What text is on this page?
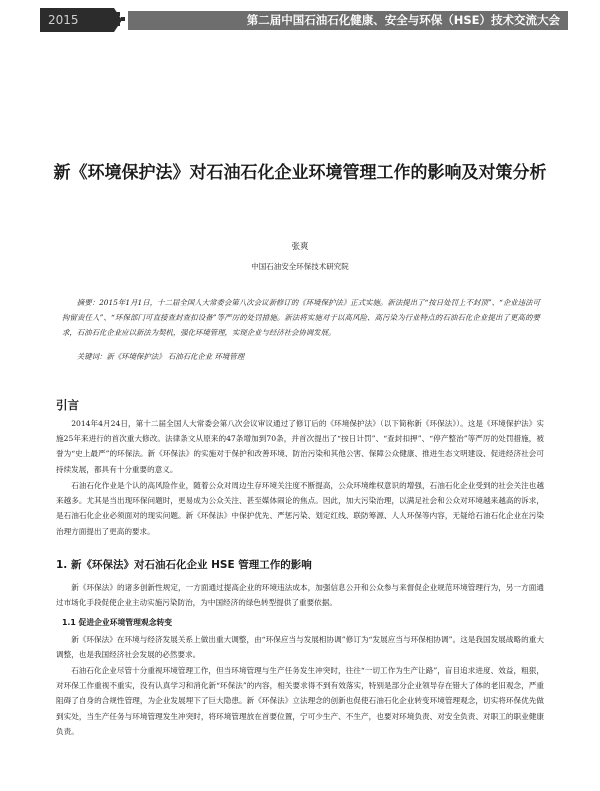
2015	第二届中国石油石化健康、安全与环保（HSE）技术交流大会
新《环境保护法》对石油石化企业环境管理工作的影响及对策分析
张爽
中国石油安全环保技术研究院
摘要：2015年1月1日，十二届全国人大常委会第八次会议新修订的《环境保护法》正式实施。新法提出了“按日处罚上不封顶”、“企业违法可拘留责任人”、“环保部门可直接查封查扣设备”等严厉的处罚措施。新法将实施对于以高风险、高污染为行业特点的石油石化企业提出了更高的要求，石油石化企业应以新法为契机，强化环境管理，实现企业与经济社会协调发展。
关键词：新《环境保护法》 石油石化企业 环境管理
引言
2014年4月24日，第十二届全国人大常委会第八次会议审议通过了修订后的《环境保护法》（以下简称新《环保法》）。这是《环境保护法》实施25年来进行的首次重大修改。法律条文从原来的47条增加到70条，并首次提出了“按日计罚”、“查封扣押”、“停产整治”等严厉的处罚措施，被誉为“史上最严”的环保法。新《环保法》的实施对于保护和改善环境、防治污染和其他公害、保障公众健康、推进生态文明建设、促进经济社会可持续发展，都具有十分重要的意义。
石油石化作业是个认的高风险作业，随着公众对周边生存环境关注度不断提高，公众环境维权意识的增强，石油石化企业受到的社会关注也越来越多。尤其是当出现环保问题时，更易成为公众关注、甚至媒体闹论的焦点。因此，加大污染治理，以满足社会和公众对环境越来越高的诉求，是石油石化企业必须面对的现实问题。新《环保法》中保护优先、严惩污染、划定红线、联防筹源、人人环保等内容，无疑给石油石化企业在污染治理方面提出了更高的要求。
1. 新《环保法》对石油石化企业 HSE 管理工作的影响
新《环保法》的诸多创新性规定，一方面通过提高企业的环境违法成本，加强信息公开和公众参与来督促企业规范环境管理行为，另一方面通过市场化手段促使企业主动实施污染防治，为中国经济的绿色转型提供了重要依据。
1.1 促进企业环境管理观念转变
新《环保法》在环境与经济发展关系上做出重大调整，由“环保应当与发展相协调”修订为“发展应当与环保相协调”。这是我国发展战略的重大调整，也是我国经济社会发展的必然要求。
石油石化企业尽管十分重视环境管理工作，但当环境管理与生产任务发生冲突时，往往“一切工作为生产让路”，盲目追求进度、效益，粗狠，对环保工作重视不重实，没有认真学习和消化新“环保法”的内容，相关要求得不到有效落实，特别是部分企业领导存在错大了体的老旧观念，严重阻碍了自身的合规性管理，为企业发展埋下了巨大隐患。新《环保法》立法理念的创新也促使石油石化企业转变环境管理观念，切实将环保优先做到实处，当生产任务与环境管理发生冲突时，将环境管理放在首要位置，宁可少生产、不生产，也要对环境负责、对安全负责、对职工的职业健康负责。
